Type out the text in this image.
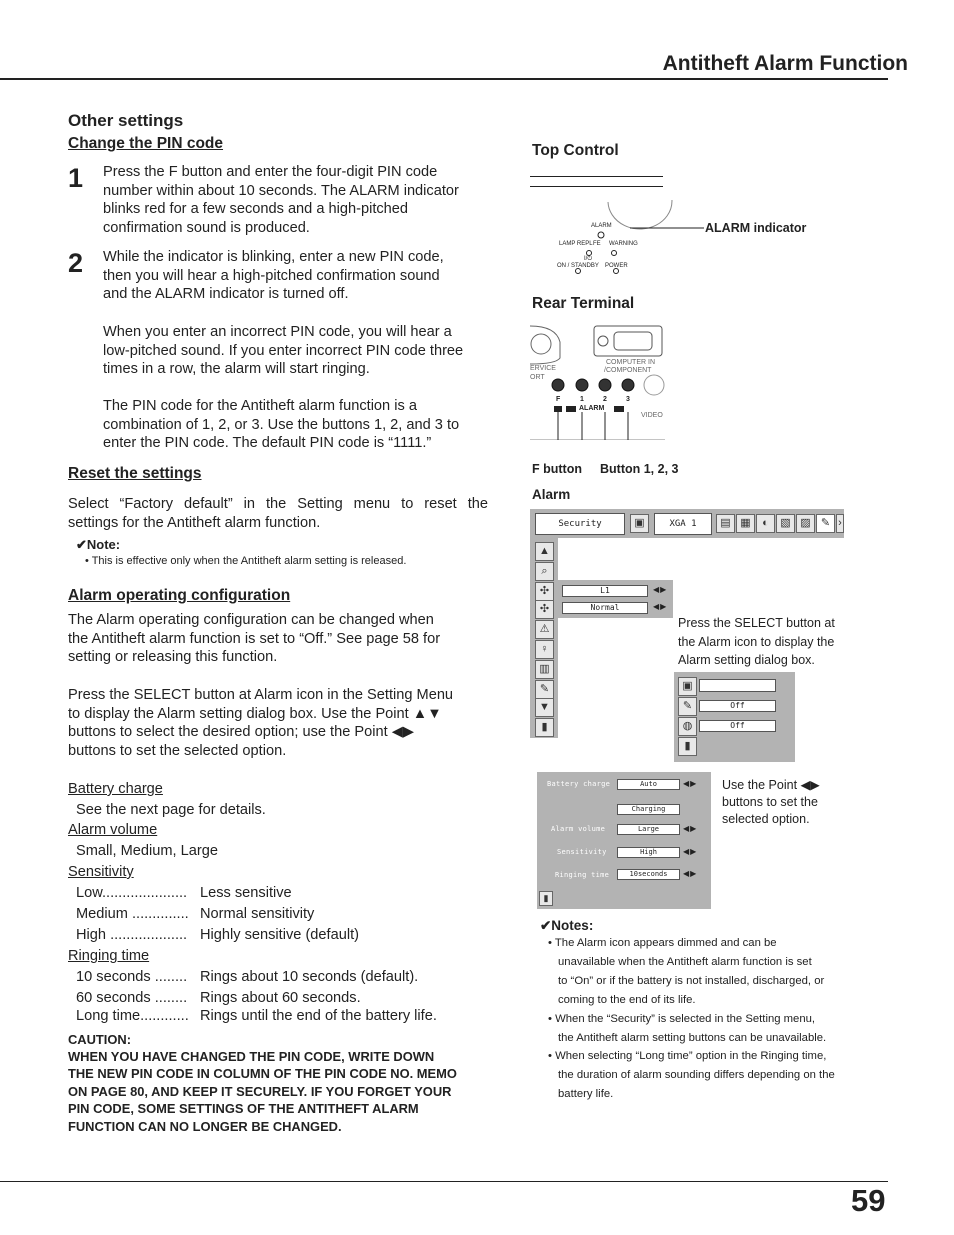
Antitheft Alarm Function
Other settings
Change the PIN code
1 Press the F button and enter the four-digit PIN code
number within about 10 seconds. The ALARM indicator
blinks red for a few seconds and a high-pitched
confirmation sound is produced.
2 While the indicator is blinking, enter a new PIN code,
then you will hear a high-pitched confirmation sound
and the ALARM indicator is turned off.
When you enter an incorrect PIN code, you will hear a
low-pitched sound. If you enter incorrect PIN code three
times in a row, the alarm will start ringing.
The PIN code for the Antitheft alarm function is a
combination of 1, 2, or 3. Use the buttons 1, 2, and 3 to
enter the PIN code. The default PIN code is “1111.”
Reset the settings
Select “Factory default” in the Setting menu to reset the
settings for the Antitheft alarm function.
✔Note:
• This is effective only when the Antitheft alarm setting is released.
Alarm operating configuration
The Alarm operating configuration can be changed when
the Antitheft alarm function is set to “Off.” See page 58 for
setting or releasing this function.
Press the SELECT button at Alarm icon in the Setting Menu
to display the Alarm setting dialog box. Use the Point ▲▼
buttons to select the desired option; use the Point ◀▶
buttons to set the selected option.
Battery charge
See the next page for details.
Alarm volume
Small, Medium, Large
Sensitivity
Low..................... Less sensitive
Medium .............. Normal sensitivity
High ................... Highly sensitive (default)
Ringing time
10 seconds ........ Rings about 10 seconds (default).
60 seconds ........ Rings about 60 seconds.
Long time............ Rings until the end of the battery life.
CAUTION:
WHEN YOU HAVE CHANGED THE PIN CODE, WRITE DOWN
THE NEW PIN CODE IN COLUMN OF THE PIN CODE NO. MEMO
ON PAGE 80, AND KEEP IT SECURELY. IF YOU FORGET YOUR
PIN CODE, SOME SETTINGS OF THE ANTITHEFT ALARM
FUNCTION CAN NO LONGER BE CHANGED.
Top Control
ALARM
LAMP REPL FE WARNING
I/⏻
ON / STANDBY POWER
ALARM indicator
Rear Terminal
ERVICE
ORT
COMPUTER IN
/COMPONENT
VIDEO
F	1	2	3
ALARM
F button Button 1, 2, 3
Alarm
Security	▣	XGA 1	▤ ▦	◐	▧ ▨ ✎ ›
▲
⌕
✣
✣
⚠
♀
▥
✎
▼
▮
L1	◀▶
Normal	◀▶
Press the SELECT button at
the Alarm icon to display the
Alarm setting dialog box.
▣
✎	Off
◍	Off
▮
Battery charge	Auto	◀▶
Charging
Alarm volume	Large	◀▶
Sensitivity	High	◀▶
Ringing time	10seconds	◀▶
▮
Use the Point ◀▶
buttons to set the
selected option.
✔Notes:
• The Alarm icon appears dimmed and can be
unavailable when the Antitheft alarm function is set
to “On” or if the battery is not installed, discharged, or
coming to the end of its life.
• When the “Security” is selected in the Setting menu,
the Antitheft alarm setting buttons can be unavailable.
• When selecting “Long time” option in the Ringing time,
the duration of alarm sounding differs depending on the
battery life.
59
